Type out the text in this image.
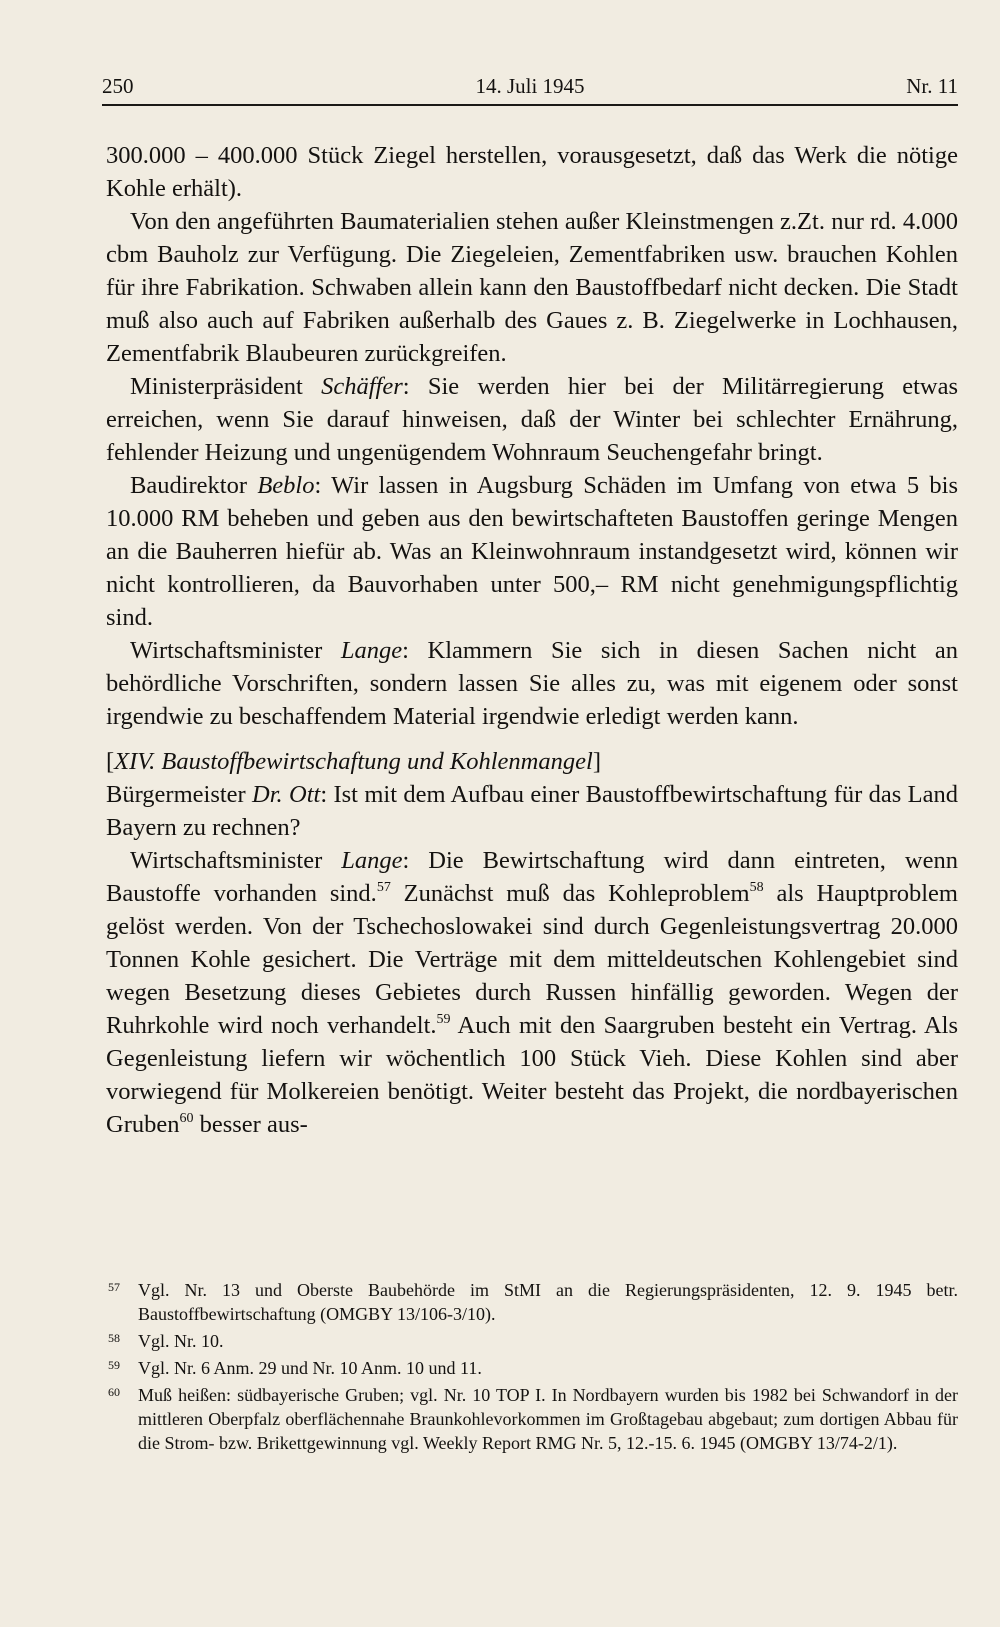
250	14. Juli 1945	Nr. 11

300.000 – 400.000 Stück Ziegel herstellen, vorausgesetzt, daß das Werk die nötige Kohle erhält).

Von den angeführten Baumaterialien stehen außer Kleinstmengen z.Zt. nur rd. 4.000 cbm Bauholz zur Verfügung. Die Ziegeleien, Zementfabriken usw. brauchen Kohlen für ihre Fabrikation. Schwaben allein kann den Baustoffbedarf nicht decken. Die Stadt muß also auch auf Fabriken außerhalb des Gaues z. B. Ziegelwerke in Lochhausen, Zementfabrik Blaubeuren zurückgreifen.

Ministerpräsident Schäffer: Sie werden hier bei der Militärregierung etwas erreichen, wenn Sie darauf hinweisen, daß der Winter bei schlechter Ernährung, fehlender Heizung und ungenügendem Wohnraum Seuchengefahr bringt.

Baudirektor Beblo: Wir lassen in Augsburg Schäden im Umfang von etwa 5 bis 10.000 RM beheben und geben aus den bewirtschafteten Baustoffen geringe Mengen an die Bauherren hiefür ab. Was an Kleinwohnraum instandgesetzt wird, können wir nicht kontrollieren, da Bauvorhaben unter 500,– RM nicht genehmigungspflichtig sind.

Wirtschaftsminister Lange: Klammern Sie sich in diesen Sachen nicht an behördliche Vorschriften, sondern lassen Sie alles zu, was mit eigenem oder sonst irgendwie zu beschaffendem Material irgendwie erledigt werden kann.

[XIV. Baustoffbewirtschaftung und Kohlenmangel]

Bürgermeister Dr. Ott: Ist mit dem Aufbau einer Baustoffbewirtschaftung für das Land Bayern zu rechnen?

Wirtschaftsminister Lange: Die Bewirtschaftung wird dann eintreten, wenn Baustoffe vorhanden sind.$^{57}$ Zunächst muß das Kohleproblem$^{58}$ als Hauptproblem gelöst werden. Von der Tschechoslowakei sind durch Gegenleistungsvertrag 20.000 Tonnen Kohle gesichert. Die Verträge mit dem mitteldeutschen Kohlengebiet sind wegen Besetzung dieses Gebietes durch Russen hinfällig geworden. Wegen der Ruhrkohle wird noch verhandelt.$^{59}$ Auch mit den Saargruben besteht ein Vertrag. Als Gegenleistung liefern wir wöchentlich 100 Stück Vieh. Diese Kohlen sind aber vorwiegend für Molkereien benötigt. Weiter besteht das Projekt, die nordbayerischen Gruben$^{60}$ besser aus-

57 Vgl. Nr. 13 und Oberste Baubehörde im StMI an die Regierungspräsidenten, 12. 9. 1945 betr. Baustoffbewirtschaftung (OMGBY 13/106-3/10).
58 Vgl. Nr. 10.
59 Vgl. Nr. 6 Anm. 29 und Nr. 10 Anm. 10 und 11.
60 Muß heißen: südbayerische Gruben; vgl. Nr. 10 TOP I. In Nordbayern wurden bis 1982 bei Schwandorf in der mittleren Oberpfalz oberflächennahe Braunkohlevorkommen im Großtagebau abgebaut; zum dortigen Abbau für die Strom- bzw. Brikettgewinnung vgl. Weekly Report RMG Nr. 5, 12.-15. 6. 1945 (OMGBY 13/74-2/1).
